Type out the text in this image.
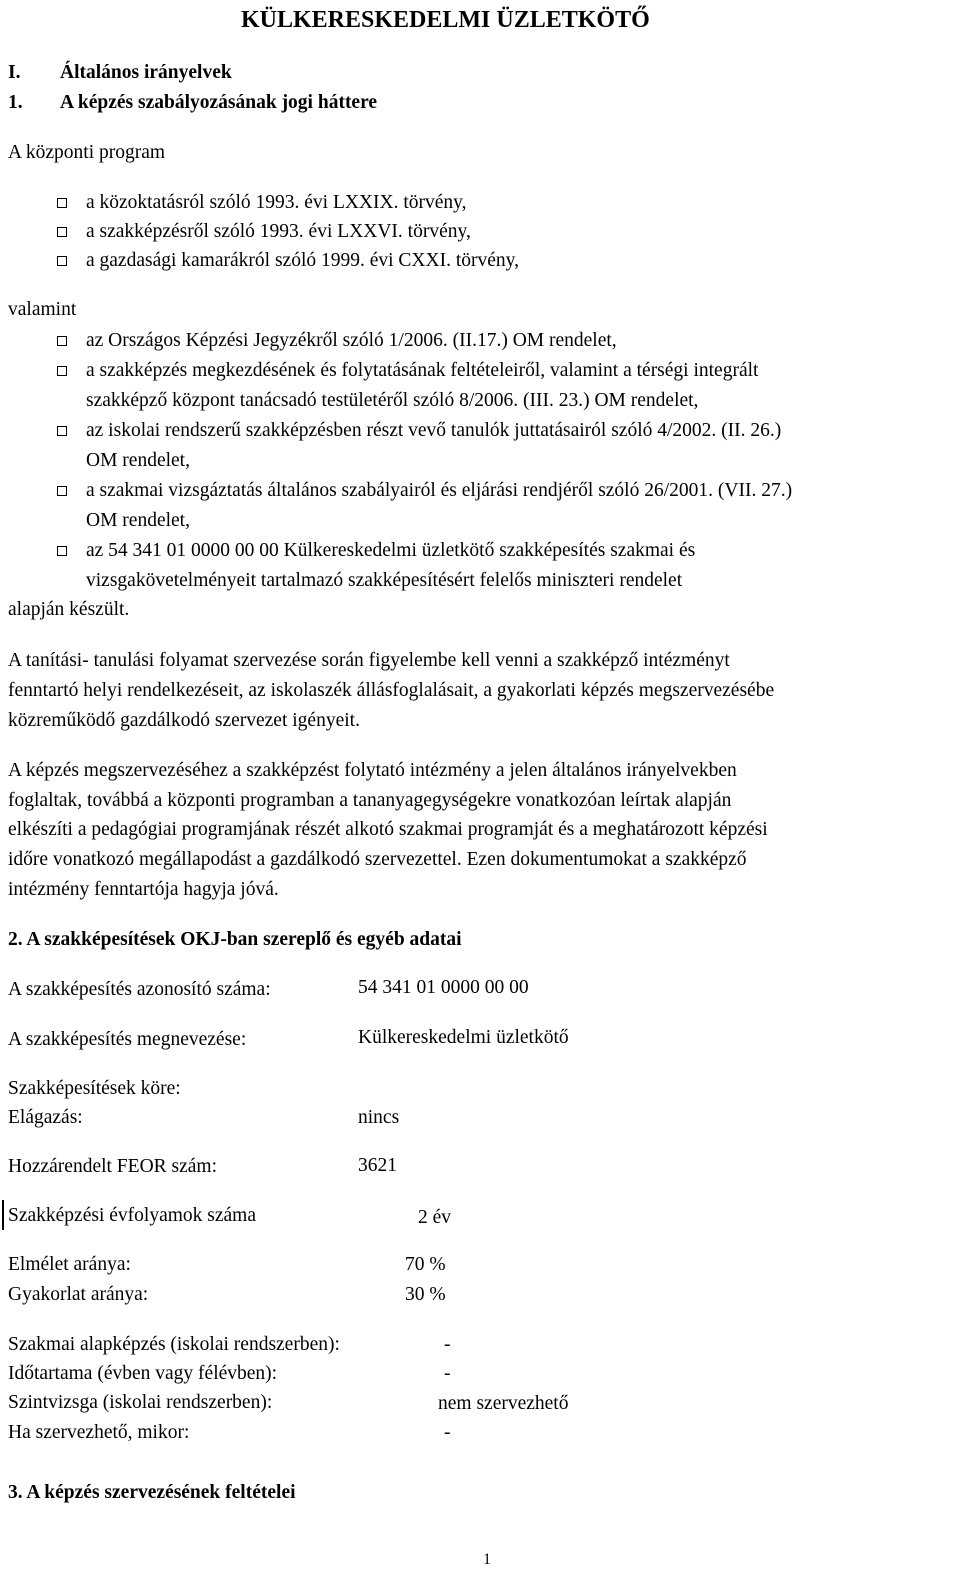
KÜLKERESKEDELMI ÜZLETKÖTŐ
I. Általános irányelvek
1. A képzés szabályozásának jogi háttere
A központi program
a közoktatásról szóló 1993. évi LXXIX. törvény,
a szakképzésről szóló 1993. évi LXXVI. törvény,
a gazdasági kamarákról szóló 1999. évi CXXI. törvény,
valamint
az Országos Képzési Jegyzékről szóló 1/2006. (II.17.) OM rendelet,
a szakképzés megkezdésének és folytatásának feltételeiről, valamint a térségi integrált
szakképző központ tanácsadó testületéről szóló 8/2006. (III. 23.) OM rendelet,
az iskolai rendszerű szakképzésben részt vevő tanulók juttatásairól szóló 4/2002. (II. 26.)
OM rendelet,
a szakmai vizsgáztatás általános szabályairól és eljárási rendjéről szóló 26/2001. (VII. 27.)
OM rendelet,
az 54 341 01 0000 00 00 Külkereskedelmi üzletkötő szakképesítés szakmai és
vizsgakövetelményeit tartalmazó szakképesítésért felelős miniszteri rendelet
alapján készült.
A tanítási- tanulási folyamat szervezése során figyelembe kell venni a szakképző intézményt
fenntartó helyi rendelkezéseit, az iskolaszék állásfoglalásait, a gyakorlati képzés megszervezésébe
közreműködő gazdálkodó szervezet igényeit.
A képzés megszervezéséhez a szakképzést folytató intézmény a jelen általános irányelvekben
foglaltak, továbbá a központi programban a tananyagegységekre vonatkozóan leírtak alapján
elkészíti a pedagógiai programjának részét alkotó szakmai programját és a meghatározott képzési
időre vonatkozó megállapodást a gazdálkodó szervezettel. Ezen dokumentumokat a szakképző
intézmény fenntartója hagyja jóvá.
2. A szakképesítések OKJ-ban szereplő és egyéb adatai
A szakképesítés azonosító száma:	54 341 01 0000 00 00
A szakképesítés megnevezése:	Külkereskedelmi üzletkötő
Szakképesítések köre:
Elágazás:	nincs
Hozzárendelt FEOR szám:	3621
Szakképzési évfolyamok száma	2 év
Elmélet aránya:	70 %
Gyakorlat aránya:	30 %
Szakmai alapképzés (iskolai rendszerben):	-
Időtartama (évben vagy félévben):	-
Szintvizsga (iskolai rendszerben):	nem szervezhető
Ha szervezhető, mikor:	-
3. A képzés szervezésének feltételei
1
